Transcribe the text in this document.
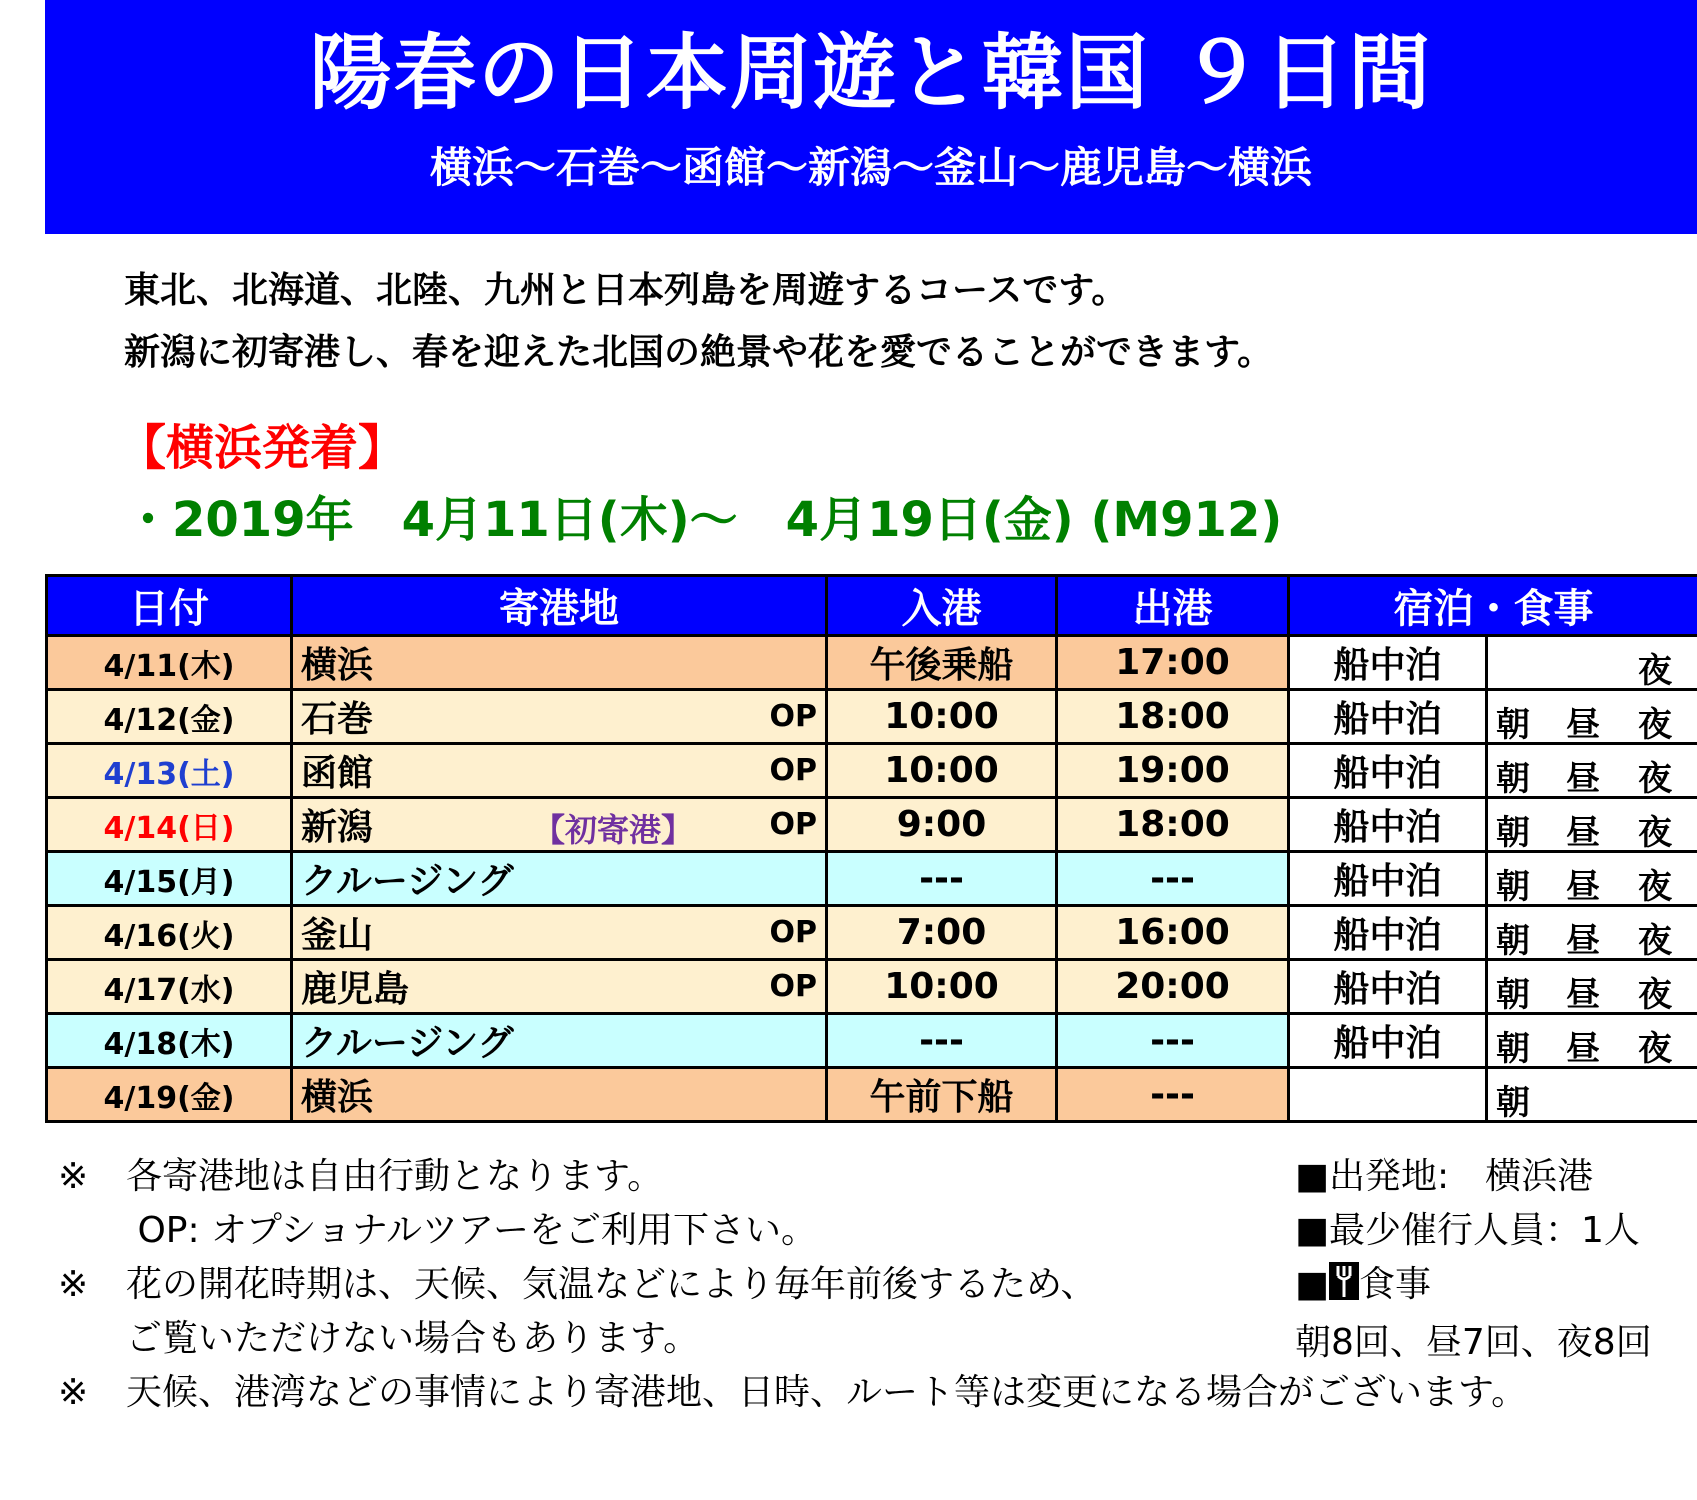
陽春の日本周遊と韓国 ９日間
横浜～石巻～函館～新潟～釜山～鹿児島～横浜
東北、北海道、北陸、九州と日本列島を周遊するコースです。
新潟に初寄港し、春を迎えた北国の絶景や花を愛でることができます。
【横浜発着】
・2019年　4月11日(木)～　4月19日(金) (M912)
日付	寄港地	入港	出港	宿泊・食事	
4/11(木)	横浜	午後乗船	17:00	船中泊	夜

4/12(金)	石巻 OP	10:00	18:00	船中泊	朝 昼 夜

4/13(土)	函館 OP	10:00	19:00	船中泊	朝 昼 夜

4/14(日)	新潟 【初寄港】 OP	9:00	18:00	船中泊	朝 昼 夜

4/15(月)	クルージング	---	---	船中泊	朝 昼 夜

4/16(火)	釜山 OP	7:00	16:00	船中泊	朝 昼 夜

4/17(水)	鹿児島 OP	10:00	20:00	船中泊	朝 昼 夜

4/18(木)	クルージング	---	---	船中泊	朝 昼 夜

4/19(金)	横浜	午前下船	---		朝
※	各寄港地は自由行動となります。
OP: オプショナルツアーをご利用下さい。
※	花の開花時期は、天候、気温などにより毎年前後するため、
ご覧いただけない場合もあります。
※	天候、港湾などの事情により寄港地、日時、ルート等は変更になる場合がございます。
■出発地:　横浜港
■最少催行人員：1人
■ 食事
朝8回、昼7回、夜8回
